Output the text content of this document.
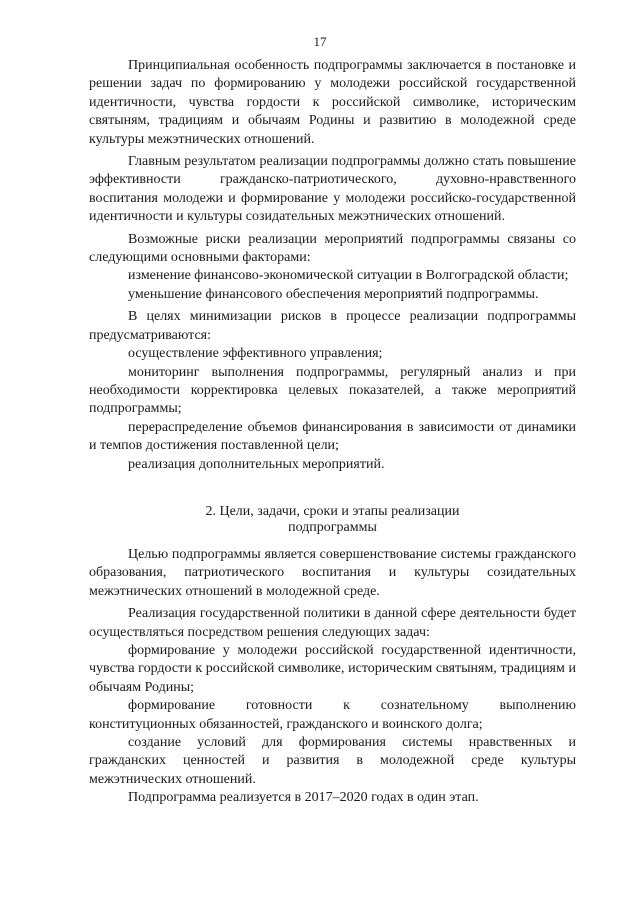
17

Принципиальная особенность подпрограммы заключается в постановке и решении задач по формированию у молодежи российской государственной идентичности, чувства гордости к российской символике, историческим святыням, традициям и обычаям Родины и развитию в молодежной среде культуры межэтнических отношений.

Главным результатом реализации подпрограммы должно стать повышение эффективности гражданско-патриотического, духовно-нравственного воспитания молодежи и формирование у молодежи российско-государственной идентичности и культуры созидательных межэтнических отношений.

Возможные риски реализации мероприятий подпрограммы связаны со следующими основными факторами:

изменение финансово-экономической ситуации в Волгоградской области;

уменьшение финансового обеспечения мероприятий подпрограммы.

В целях минимизации рисков в процессе реализации подпрограммы предусматриваются:

осуществление эффективного управления;

мониторинг выполнения подпрограммы, регулярный анализ и при необходимости корректировка целевых показателей, а также мероприятий подпрограммы;

перераспределение объемов финансирования в зависимости от динамики и темпов достижения поставленной цели;

реализация дополнительных мероприятий.

2. Цели, задачи, сроки и этапы реализации
подпрограммы

Целью подпрограммы является совершенствование системы гражданского образования, патриотического воспитания и культуры созидательных межэтнических отношений в молодежной среде.

Реализация государственной политики в данной сфере деятельности будет осуществляться посредством решения следующих задач:

формирование у молодежи российской государственной идентичности, чувства гордости к российской символике, историческим святыням, традициям и обычаям Родины;

формирование готовности к сознательному выполнению конституционных обязанностей, гражданского и воинского долга;

создание условий для формирования системы нравственных и гражданских ценностей и развития в молодежной среде культуры межэтнических отношений.

Подпрограмма реализуется в 2017–2020 годах в один этап.
